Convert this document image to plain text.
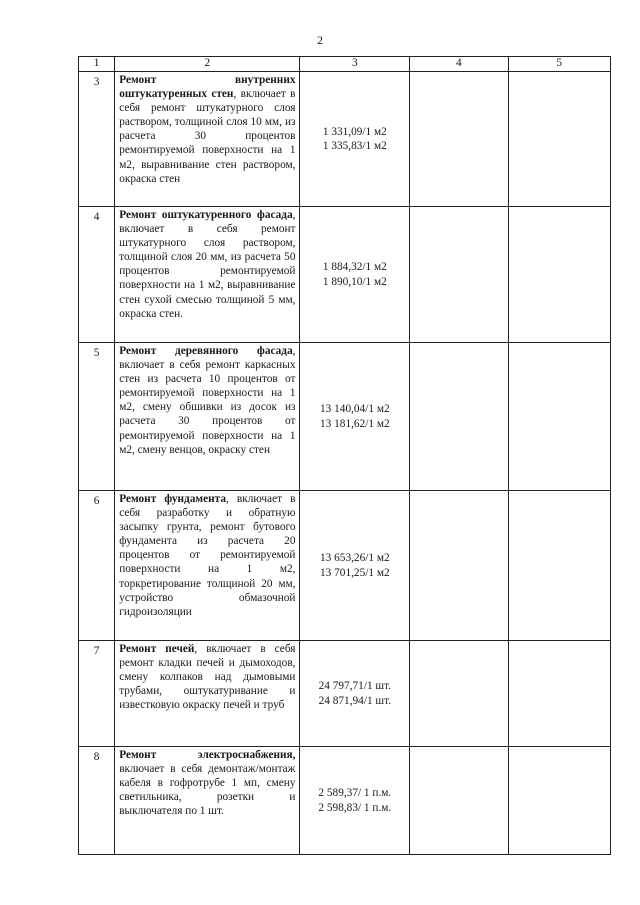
2
1	2	3	4	5
3	Ремонт внутренних оштукатуренных стен, включает в себя ремонт штукатурного слоя раствором, толщиной слоя 10 мм, из расчета 30 процентов ремонтируемой поверхности на 1 м2, выравнивание стен раствором, окраска стен	1 331,09/1 м2
1 335,83/1 м2		

4	Ремонт оштукатуренного фасада, включает в себя ремонт штукатурного слоя раствором, толщиной слоя 20 мм, из расчета 50 процентов ремонтируемой поверхности на 1 м2, выравнивание стен сухой смесью толщиной 5 мм, окраска стен.	1 884,32/1 м2
1 890,10/1 м2		

5	Ремонт деревянного фасада, включает в себя ремонт каркасных стен из расчета 10 процентов от ремонтируемой поверхности на 1 м2, смену обшивки из досок из расчета 30 процентов от ремонтируемой поверхности на 1 м2, смену венцов, окраску стен	13 140,04/1 м2
13 181,62/1 м2		

6	Ремонт фундамента, включает в себя разработку и обратную засыпку грунта, ремонт бутового фундамента из расчета 20 процентов от ремонтируемой поверхности на 1 м2, торкретирование толщиной 20 мм, устройство обмазочной гидроизоляции	13 653,26/1 м2
13 701,25/1 м2		

7	Ремонт печей, включает в себя ремонт кладки печей и дымоходов, смену колпаков над дымовыми трубами, оштукатуривание и известковую окраску печей и труб	24 797,71/1 шт.
24 871,94/1 шт.		

8	Ремонт электроснабжения, включает в себя демонтаж/монтаж кабеля в гофротрубе 1 мп, смену светильника, розетки и выключателя по 1 шт.	2 589,37/ 1 п.м.
2 598,83/ 1 п.м.		
